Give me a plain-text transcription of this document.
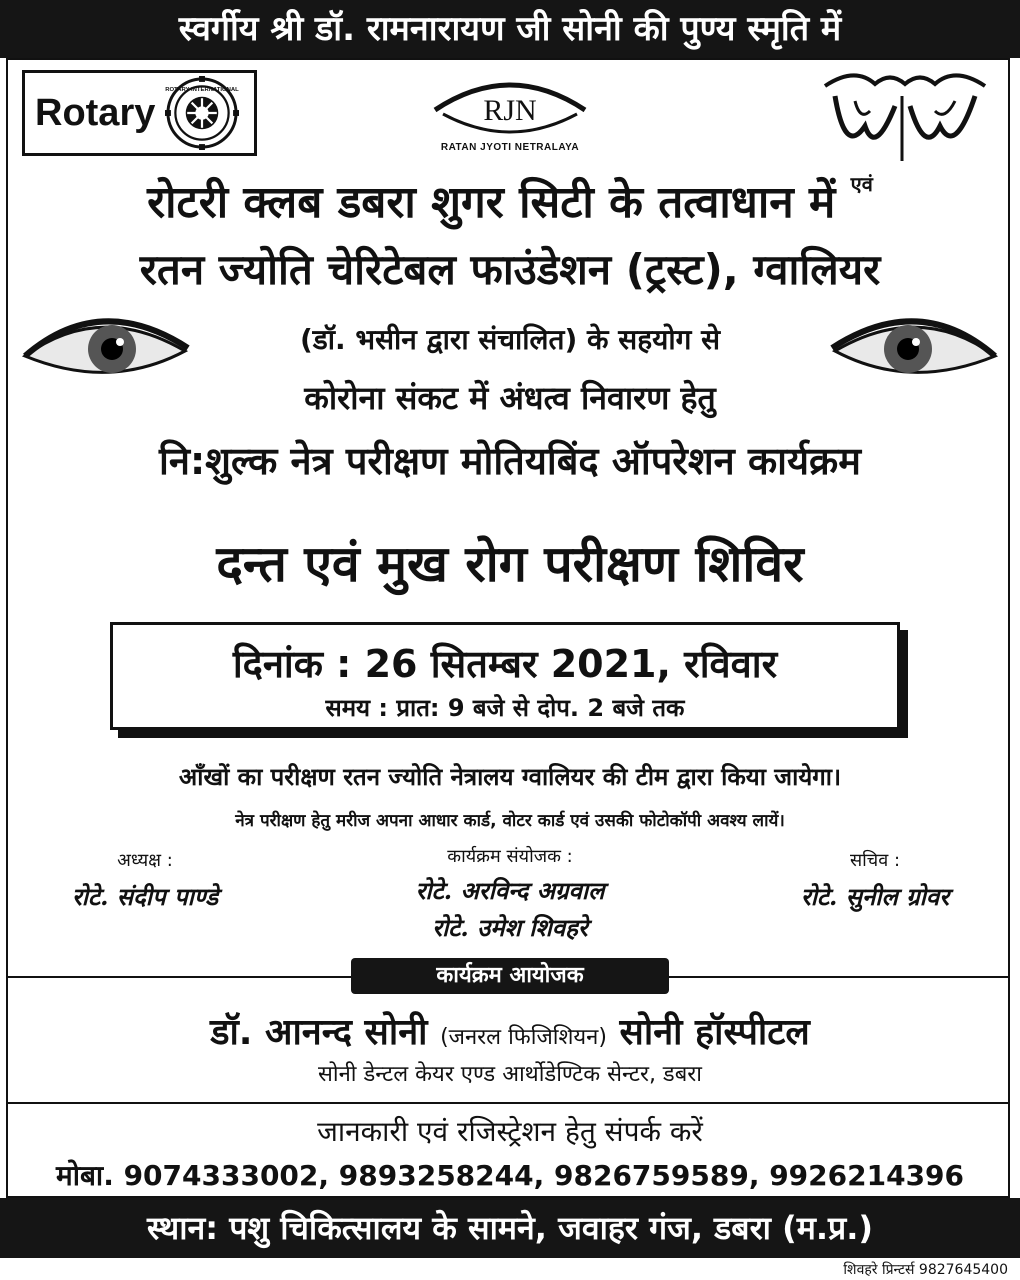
स्वर्गीय श्री डॉ. रामनारायण जी सोनी की पुण्य स्मृति में
Rotary
ROTARY INTERNATIONAL
RJN
RATAN JYOTI NETRALAYA
रोटरी क्लब डबरा शुगर सिटी के तत्वाधान में $^{एवं}$
रतन ज्योति चेरिटेबल फाउंडेशन (ट्रस्ट), ग्वालियर
(डॉ. भसीन द्वारा संचालित) के सहयोग से
कोरोना संकट में अंधत्व निवारण हेतु
नि:शुल्क नेत्र परीक्षण मोतियबिंद ऑपरेशन कार्यक्रम
दन्त एवं मुख रोग परीक्षण शिविर
दिनांक : 26 सितम्बर 2021, रविवार
समय : प्रात: 9 बजे से दोप. 2 बजे तक
आँखों का परीक्षण रतन ज्योति नेत्रालय ग्वालियर की टीम द्वारा किया जायेगा।
नेत्र परीक्षण हेतु मरीज अपना आधार कार्ड, वोटर कार्ड एवं उसकी फोटोकॉपी अवश्य लायें।
अध्यक्ष :
रोटे. संदीप पाण्डे
कार्यक्रम संयोजक :
रोटे. अरविन्द अग्रवाल
रोटे. उमेश शिवहरे
सचिव :
रोटे. सुनील ग्रोवर
कार्यक्रम आयोजक
डॉ. आनन्द सोनी (जनरल फिजिशियन) सोनी हॉस्पीटल
सोनी डेन्टल केयर एण्ड आर्थोडेण्टिक सेन्टर, डबरा
जानकारी एवं रजिस्ट्रेशन हेतु संपर्क करें
मोबा. 9074333002, 9893258244, 9826759589, 9926214396
स्थान: पशु चिकित्सालय के सामने, जवाहर गंज, डबरा (म.प्र.)
शिवहरे प्रिन्टर्स 9827645400
